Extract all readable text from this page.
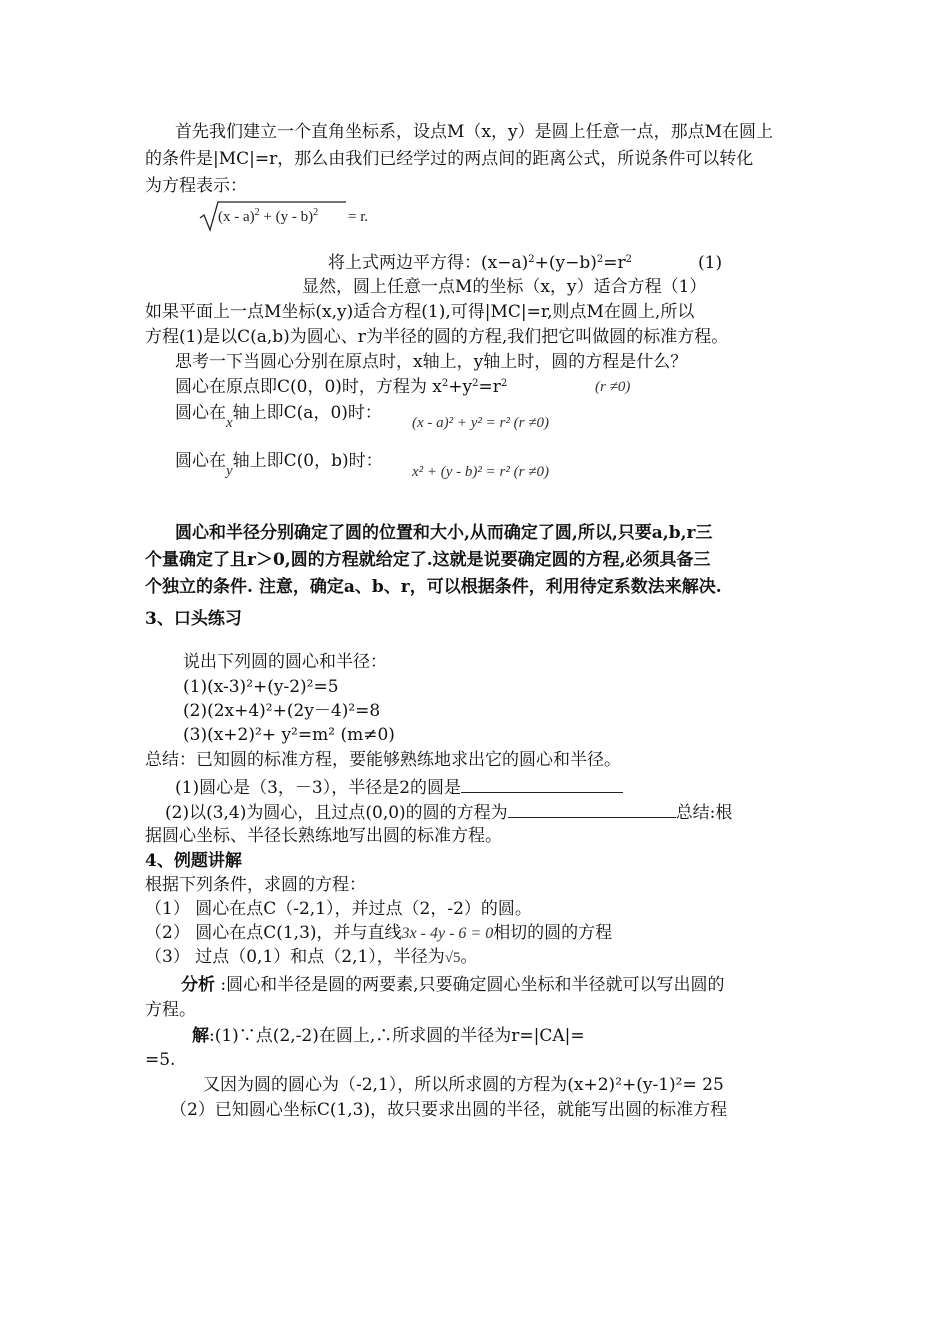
首先我们建立一个直角坐标系，设点M（x，y）是圆上任意一点，那点M在圆上
的条件是|MC|=r，那么由我们已经学过的两点间的距离公式，所说条件可以转化
为方程表示：
(x - a)$^2$ + (y - b)$^2$ = r.
将上式两边平方得：$(x-a)^2+(y-b)^2=r^2$	(1)
显然，圆上任意一点M的坐标（x，y）适合方程（1）
如果平面上一点M坐标(x,y)适合方程(1),可得|MC|=r,则点M在圆上,所以
方程(1)是以C(a,b)为圆心、r为半径的圆的方程,我们把它叫做圆的标准方程。
思考一下当圆心分别在原点时，x轴上，y轴上时，圆的方程是什么？
圆心在原点即C(0，0)时，方程为 $x^2+y^2=r^2$	(r ≠0)
圆心在x轴上即C(a，0)时： (x - a)² + y² = r² (r ≠0)
圆心在y轴上即C(0，b)时：
x² + (y - b)² = r² (r ≠0)
圆心和半径分别确定了圆的位置和大小,从而确定了圆,所以,只要a,b,r三
个量确定了且r＞0,圆的方程就给定了.这就是说要确定圆的方程,必须具备三
个独立的条件. 注意，确定a、b、r，可以根据条件，利用待定系数法来解决.
3、口头练习
说出下列圆的圆心和半径：
(1)(x-3)²+(y-2)²=5
(2)(2x+4)²+(2y－4)²=8
(3)(x+2)²+ y²=m² (m≠0)
总结：已知圆的标准方程，要能够熟练地求出它的圆心和半径。
(1)圆心是（3，－3），半径是2的圆是
(2)以(3,4)为圆心，且过点(0,0)的圆的方程为	总结:根
据圆心坐标、半径长熟练地写出圆的标准方程。
4、例题讲解
根据下列条件，求圆的方程：
（1） 圆心在点C（-2,1），并过点（2，-2）的圆。
（2） 圆心在点C(1,3)，并与直线3x - 4y - 6 = 0相切的圆的方程
（3） 过点（0,1）和点（2,1），半径为√5。
分析 :圆心和半径是圆的两要素,只要确定圆心坐标和半径就可以写出圆的
方程。
解:(1)∵点(2,-2)在圆上,∴所求圆的半径为r=|CA|=
=5.
又因为圆的圆心为（-2,1），所以所求圆的方程为(x+2)²+(y-1)²= 25
（2）已知圆心坐标C(1,3)，故只要求出圆的半径，就能写出圆的标准方程
